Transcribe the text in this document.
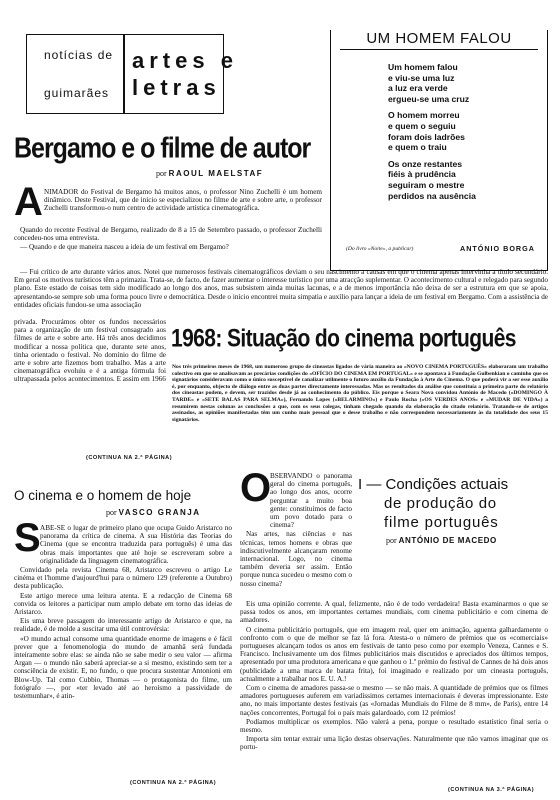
notícias de
guimarães
artes e
letras
UM HOMEM FALOU
Um homem falou
e viu-se uma luz
a luz era verde
ergueu-se uma cruz
O homem morreu
e quem o seguiu
foram dois ladrões
e quem o traiu
Os onze restantes
fiéis à prudência
seguiram o mestre
perdidos na ausência
(Do livro «Noite», a publicar)	ANTÓNIO BORGA
Bergamo e o filme de autor
por RAOUL MAELSTAF
A NIMADOR do Festival de Bergamo há muitos anos, o professor Nino Zuchelli é um homem dinâmico. Deste Festival, que de início se especializou no filme de arte e sobre arte, o professor Zuchelli transformou-o num centro de actividade artística cinematográfica.

Quando do recente Festival de Bergamo, realizado de 8 a 15 de Setembro passado, o professor Zuchelli concedeu-nos uma entrevista.

— Quando e de que maneira nasceu a ideia de um festival em Bergamo?

— Fui crítico de arte durante vários anos. Notei que numerosos festivais cinematográficos deviam o seu nascimento a causas em que o cinema apenas intervinha a título secundário. Em geral os motivos turísticos têm a primazia. Trata-se, de facto, de fazer aumentar o interesse turístico por uma atracção suplementar. O acontecimento cultural e relegado para segundo plano. Este estado de coisas tem sido modificado ao longo dos anos, mas subsistem ainda muitas lacunas, e a de menos importância não deixa de ser a estrutura em que se apoia, apresentando-se sempre sob uma forma pouco livre e democrática. Desde o início encontrei muita simpatia e auxílio para lançar a ideia de um festival em Bergamo. Com a assistência de entidades oficiais fundou-se uma associação

privada. Procurámos obter os fundos necessários para a organização de um festival consagrado aos filmes de arte e sobre arte. Há três anos decidimos modificar a nossa política que, durante sete anos, tinha orientado o festival. No domínio do filme de arte e sobre arte fizemos bom trabalho. Mas a arte cinematográfica evoluiu e é a antiga fórmula foi ultrapassada pelos acontecimentos. E assim em 1966

(CONTINUA NA 2.ª PÁGINA)
1968: Situação do cinema português
Nos três primeiros meses de 1968, um numeroso grupo de cineastas ligados de vária maneira ao «NOVO CINEMA PORTUGUÊS» elaboraram um trabalho colectivo em que se analisavam as precárias condições do «OFÍCIO DO CINEMA EM PORTUGAL» e se apontava à Fundação Gulbenkian o caminho que os signatários consideravam como o único susceptível de canalizar utilmente o futuro auxílio da Fundação à Arte do Cinema. O que poderá vir a ser esse auxílio é, por enquanto, objecto de diálogo entre as duas partes directamente interessadas. Mas os resultados da análise que constituía a primeira parte do relatório dos cineastas podem, e devem, ser trazidos desde já ao conhecimento do público. Eis porque o Seara Nova convidou António de Macedo («DOMINGO À TARDE» e «SETE BALAS PARA SELMA»), Fernando Lopes («BELARMINO») e Paulo Rocha («OS VERDES ANOS» e «MUDAR DE VIDA») a resumirem nestas colunas as conclusões a que, com os seus colegas, tinham chegado quando da elaboração do citado relatório. Tratando-se de artigos assinados, as opiniões manifestadas têm um cunho mais pessoal que o desse trabalho e não correspondem necessariamente às da totalidade dos seus 15 signatários.
O cinema e o homem de hoje
por VASCO GRANJA
S ABE-SE o lugar de primeiro plano que ocupa Guido Aristarco no panorama da crítica de cinema. A sua História das Teorias do Cinema (que se encontra traduzida para português) é uma das obras mais importantes que até hoje se escreveram sobre a originalidade da linguagem cinematográfica.

Convidado pela revista Cinema 68, Aristarco escreveu o artigo Le cinéma et l'homme d'aujourd'hui para o número 129 (referente a Outubro) desta publicação.

Este artigo merece uma leitura atenta. E a redacção de Cinema 68 convida os leitores a participar num amplo debate em torno das ideias de Aristarco.

Eis uma breve passagem do interessante artigo de Aristarco e que, na realidade, é de molde a suscitar uma útil controvérsia:

«O mundo actual consome uma quantidade enorme de imagens e é fácil prever que a fenomenologia do mundo de amanhã será fundada inteiramente sobre elas: se ainda não se sabe medir o seu valor — afirma Argan — o mundo não saberá apreciar-se a si mesmo, existindo sem ter a consciência de existir. E, no fundo, o que procura sustentar Antonioni em Blow-Up. Tal como Cubbio, Thomas — o protagonista do filme, um fotógrafo —, por «ter levado até ao heroísmo a passividade de testemunhar», é atin-

(CONTINUA NA 2.ª PÁGINA)
O

BSERVANDO o panorama geral do cinema português, ao longo dos anos, ocorre perguntar a muito boa gente: constituímos de facto um povo dotado para o cinema?

Nas artes, nas ciências e nas técnicas, temos homens e obras que indiscutivelmente alcançaram renome internacional. Logo, no cinema também deveria ser assim. Então porque nunca sucedeu o mesmo com o nosso cinema?

Eis uma opinião corrente. A qual, felizmente, não é de todo verdadeira! Basta examinarmos o que se passa todos os anos, em importantes certames mundiais, com cinema publicitário e com cinema de amadores.

O cinema publicitário português, que em imagem real, quer em animação, aguenta galhardamente o confronto com o que de melhor se faz lá fora. Atesta-o o número de prémios que os «comerciais» portugueses alcançam todos os anos em festivais de tanto peso como por exemplo Veneza, Cannes e S. Francisco. Inclusivamente um dos filmes publicitários mais discutidos e apreciados dos últimos tempos, apresentado por uma produtora americana e que ganhou o 1.º prémio do festival de Cannes de há dois anos (publicidade a uma marca de batata frita), foi imaginado e realizado por um cineasta português, actualmente a trabalhar nos E. U. A.!

Com o cinema de amadores passa-se o mesmo — se não mais. A quantidade de prémios que os filmes amadores portugueses auferem em variadíssimos certames internacionais é deveras impressionante. Este ano, no mais importante destes festivais (as «Jornadas Mundiais do Filme de 8 mm», de Paris), entre 14 nações concorrentes, Portugal foi o país mais galardoado, com 12 prémios!

Podíamos multiplicar os exemplos. Não valerá a pena, porque o resultado estatístico final seria o mesmo.

Importa sim tentar extrair uma lição destas observações. Naturalmente que não vamos imaginar que os portu-

(CONTINUA NA 3.ª PÁGINA)
I — Condições actuais
de produção do
filme português
por ANTÓNIO DE MACEDO
